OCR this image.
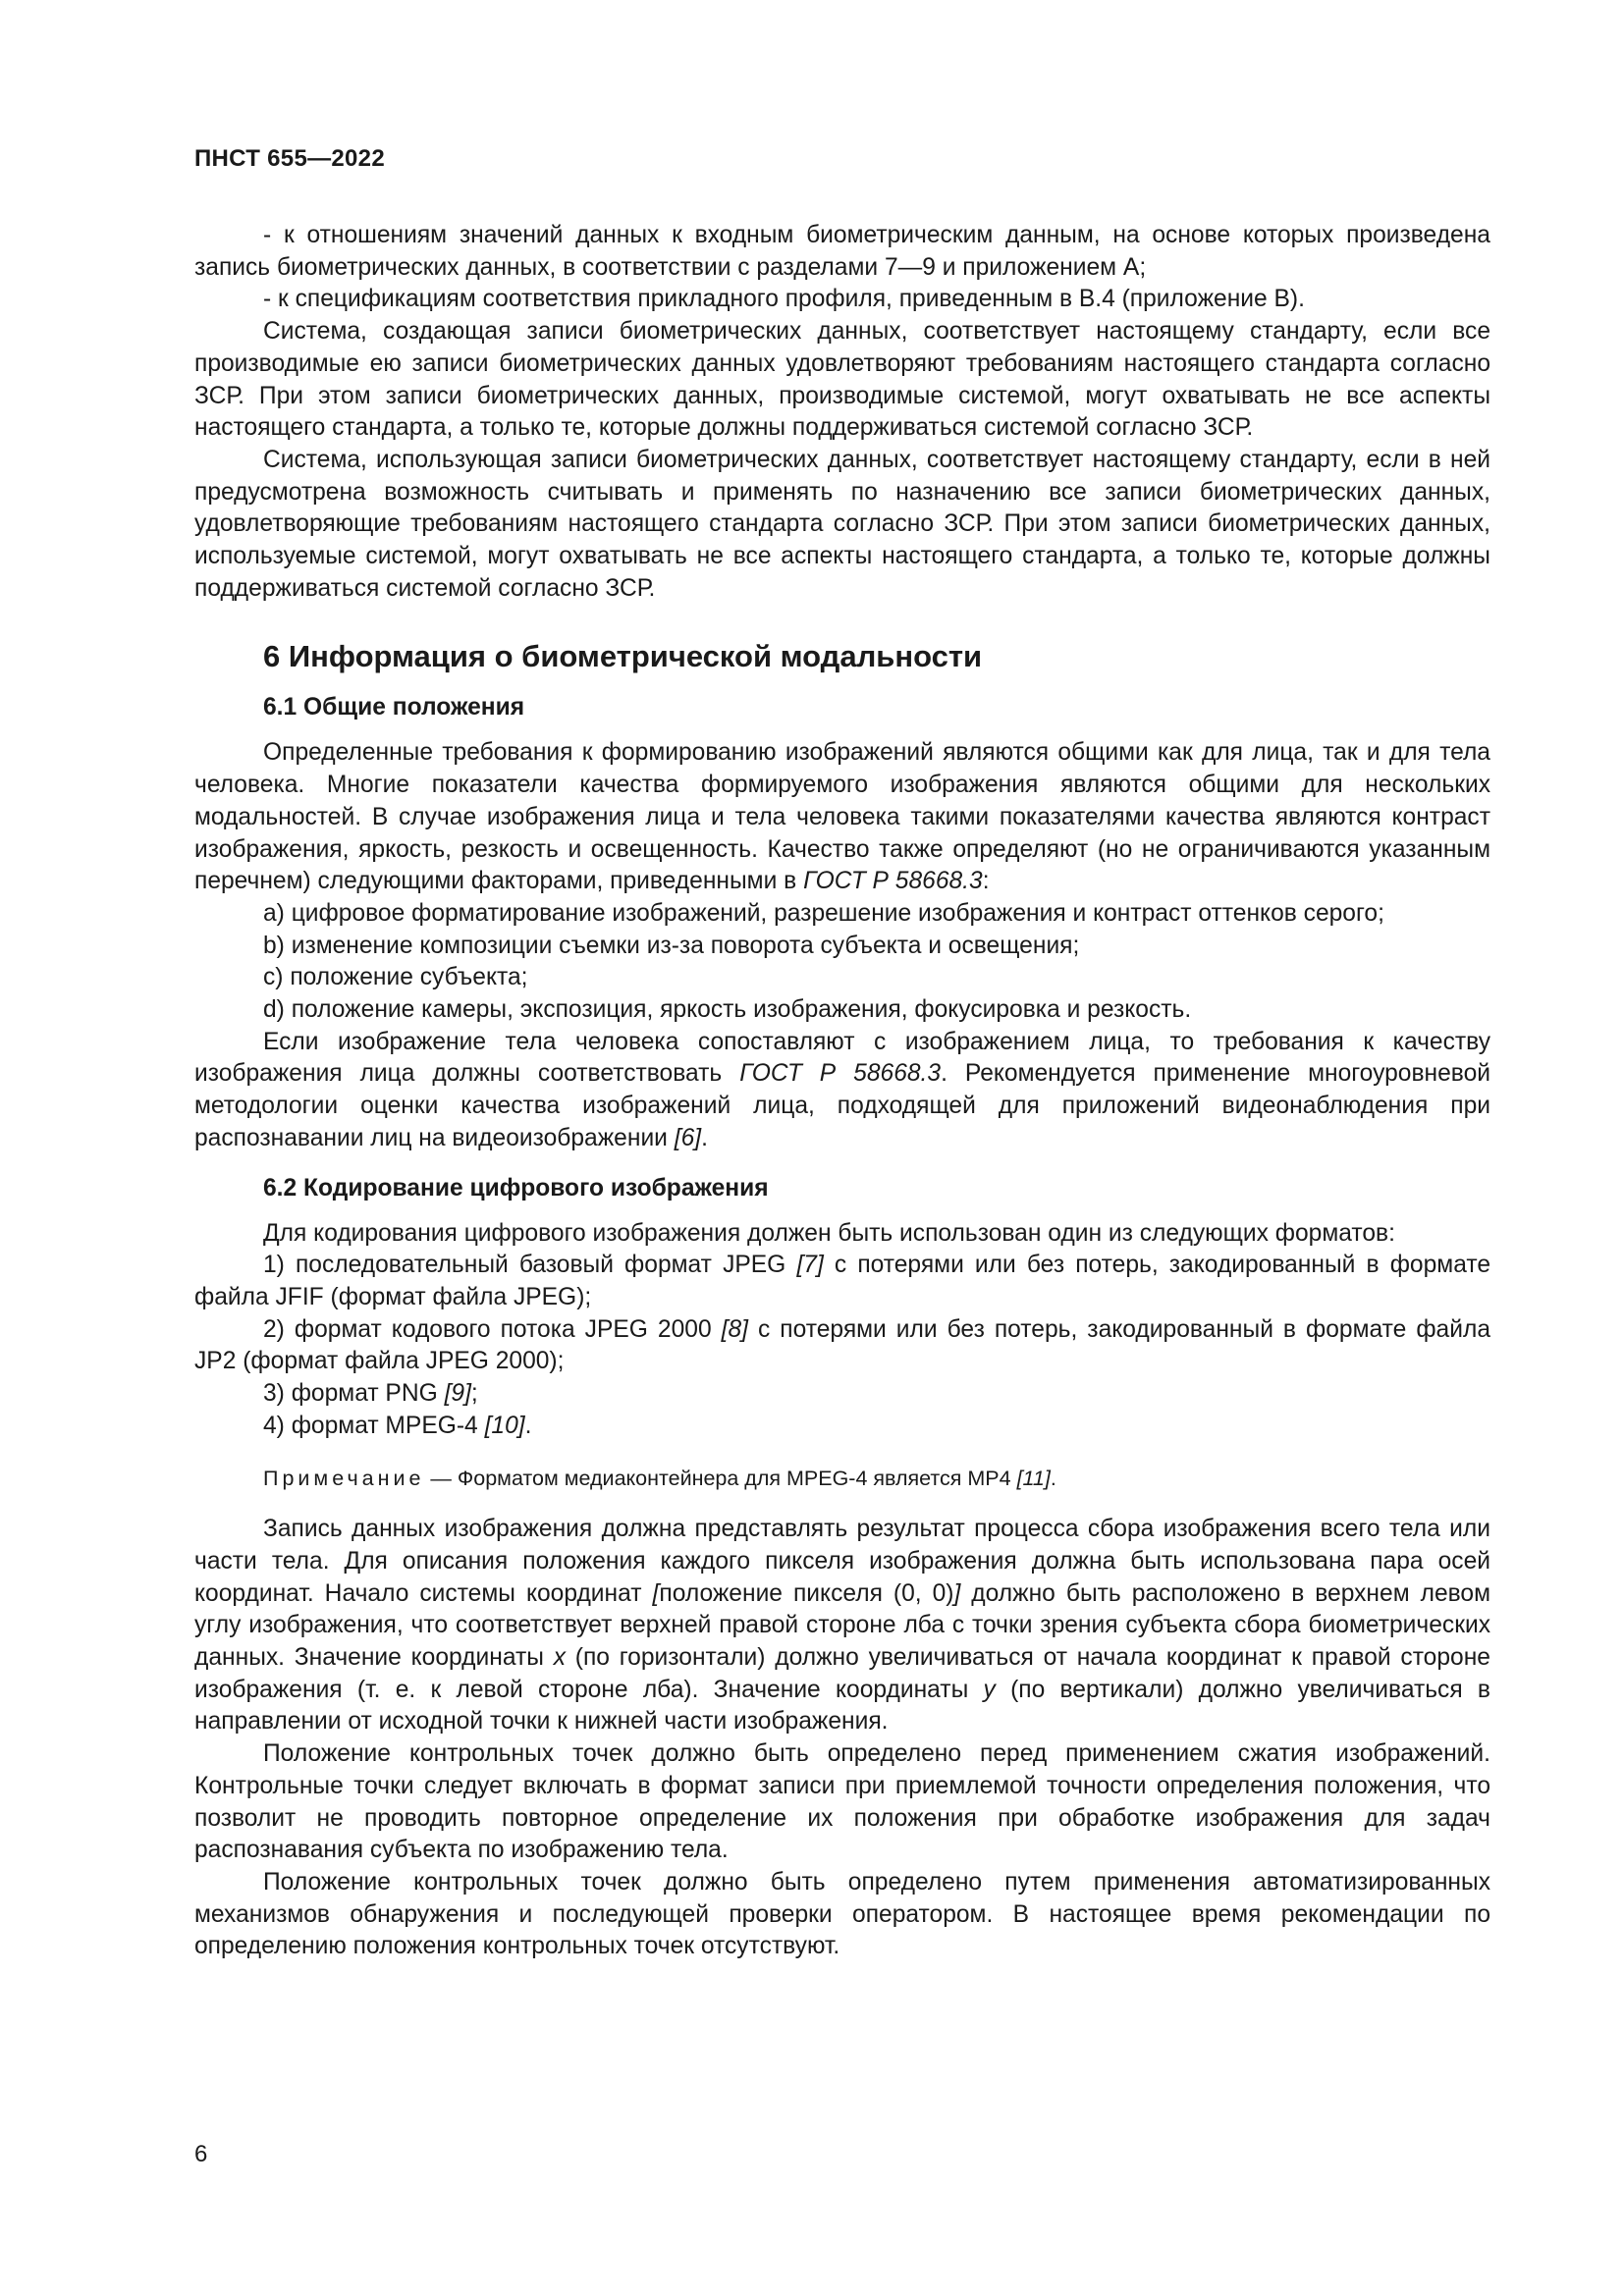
ПНСТ 655—2022

- к отношениям значений данных к входным биометрическим данным, на основе которых произведена запись биометрических данных, в соответствии с разделами 7—9 и приложением А;

- к спецификациям соответствия прикладного профиля, приведенным в В.4 (приложение В).

Система, создающая записи биометрических данных, соответствует настоящему стандарту, если все производимые ею записи биометрических данных удовлетворяют требованиям настоящего стандарта согласно ЗСР. При этом записи биометрических данных, производимые системой, могут охватывать не все аспекты настоящего стандарта, а только те, которые должны поддерживаться системой согласно ЗСР.

Система, использующая записи биометрических данных, соответствует настоящему стандарту, если в ней предусмотрена возможность считывать и применять по назначению все записи биометрических данных, удовлетворяющие требованиям настоящего стандарта согласно ЗСР. При этом записи биометрических данных, используемые системой, могут охватывать не все аспекты настоящего стандарта, а только те, которые должны поддерживаться системой согласно ЗСР.

6 Информация о биометрической модальности
6.1 Общие положения

Определенные требования к формированию изображений являются общими как для лица, так и для тела человека. Многие показатели качества формируемого изображения являются общими для нескольких модальностей. В случае изображения лица и тела человека такими показателями качества являются контраст изображения, яркость, резкость и освещенность. Качество также определяют (но не ограничиваются указанным перечнем) следующими факторами, приведенными в ГОСТ Р 58668.3:

a) цифровое форматирование изображений, разрешение изображения и контраст оттенков серого;

b) изменение композиции съемки из-за поворота субъекта и освещения;

c) положение субъекта;

d) положение камеры, экспозиция, яркость изображения, фокусировка и резкость.

Если изображение тела человека сопоставляют с изображением лица, то требования к качеству изображения лица должны соответствовать ГОСТ Р 58668.3. Рекомендуется применение многоуровневой методологии оценки качества изображений лица, подходящей для приложений видеонаблюдения при распознавании лиц на видеоизображении [6].

6.2 Кодирование цифрового изображения

Для кодирования цифрового изображения должен быть использован один из следующих форматов:

1) последовательный базовый формат JPEG [7] с потерями или без потерь, закодированный в формате файла JFIF (формат файла JPEG);

2) формат кодового потока JPEG 2000 [8] с потерями или без потерь, закодированный в формате файла JP2 (формат файла JPEG 2000);

3) формат PNG [9];

4) формат MPEG-4 [10].

Примечание — Форматом медиаконтейнера для MPEG-4 является MP4 [11].

Запись данных изображения должна представлять результат процесса сбора изображения всего тела или части тела. Для описания положения каждого пикселя изображения должна быть использована пара осей координат. Начало системы координат [положение пикселя (0, 0)] должно быть расположено в верхнем левом углу изображения, что соответствует верхней правой стороне лба с точки зрения субъекта сбора биометрических данных. Значение координаты x (по горизонтали) должно увеличиваться от начала координат к правой стороне изображения (т. е. к левой стороне лба). Значение координаты y (по вертикали) должно увеличиваться в направлении от исходной точки к нижней части изображения.

Положение контрольных точек должно быть определено перед применением сжатия изображений. Контрольные точки следует включать в формат записи при приемлемой точности определения положения, что позволит не проводить повторное определение их положения при обработке изображения для задач распознавания субъекта по изображению тела.

Положение контрольных точек должно быть определено путем применения автоматизированных механизмов обнаружения и последующей проверки оператором. В настоящее время рекомендации по определению положения контрольных точек отсутствуют.

6
